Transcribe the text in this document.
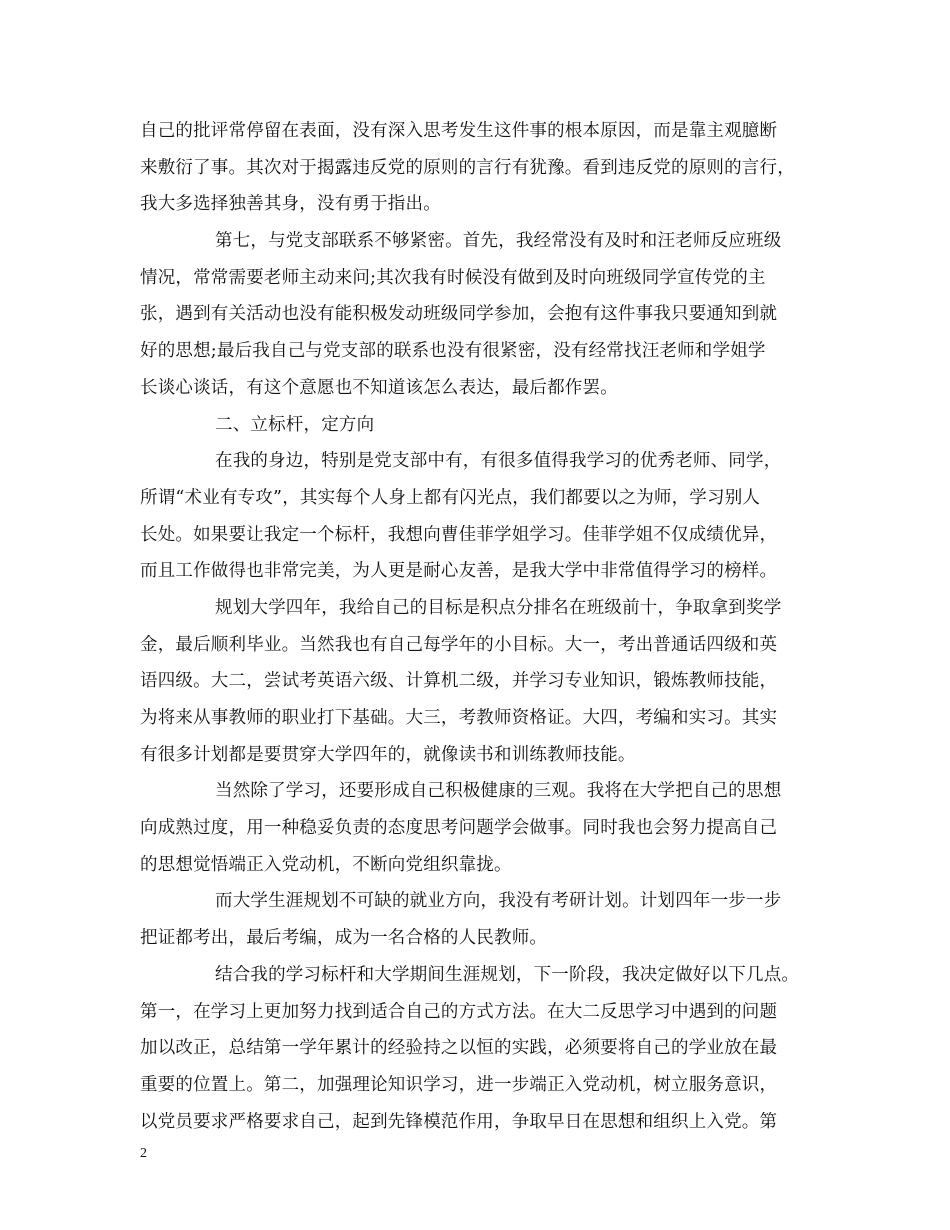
自己的批评常停留在表面，没有深入思考发生这件事的根本原因，而是靠主观臆断
来敷衍了事。其次对于揭露违反党的原则的言行有犹豫。看到违反党的原则的言行，
我大多选择独善其身，没有勇于指出。
第七，与党支部联系不够紧密。首先，我经常没有及时和汪老师反应班级
情况，常常需要老师主动来问;其次我有时候没有做到及时向班级同学宣传党的主
张，遇到有关活动也没有能积极发动班级同学参加，会抱有这件事我只要通知到就
好的思想;最后我自己与党支部的联系也没有很紧密，没有经常找汪老师和学姐学
长谈心谈话，有这个意愿也不知道该怎么表达，最后都作罢。
二、立标杆，定方向
在我的身边，特别是党支部中有，有很多值得我学习的优秀老师、同学，
所谓“术业有专攻”，其实每个人身上都有闪光点，我们都要以之为师，学习别人
长处。如果要让我定一个标杆，我想向曹佳菲学姐学习。佳菲学姐不仅成绩优异，
而且工作做得也非常完美，为人更是耐心友善，是我大学中非常值得学习的榜样。
规划大学四年，我给自己的目标是积点分排名在班级前十，争取拿到奖学
金，最后顺利毕业。当然我也有自己每学年的小目标。大一，考出普通话四级和英
语四级。大二，尝试考英语六级、计算机二级，并学习专业知识，锻炼教师技能，
为将来从事教师的职业打下基础。大三，考教师资格证。大四，考编和实习。其实
有很多计划都是要贯穿大学四年的，就像读书和训练教师技能。
当然除了学习，还要形成自己积极健康的三观。我将在大学把自己的思想
向成熟过度，用一种稳妥负责的态度思考问题学会做事。同时我也会努力提高自己
的思想觉悟端正入党动机，不断向党组织靠拢。
而大学生涯规划不可缺的就业方向，我没有考研计划。计划四年一步一步
把证都考出，最后考编，成为一名合格的人民教师。
结合我的学习标杆和大学期间生涯规划，下一阶段，我决定做好以下几点。
第一，在学习上更加努力找到适合自己的方式方法。在大二反思学习中遇到的问题
加以改正，总结第一学年累计的经验持之以恒的实践，必须要将自己的学业放在最
重要的位置上。第二，加强理论知识学习，进一步端正入党动机，树立服务意识，
以党员要求严格要求自己，起到先锋模范作用，争取早日在思想和组织上入党。第
2
